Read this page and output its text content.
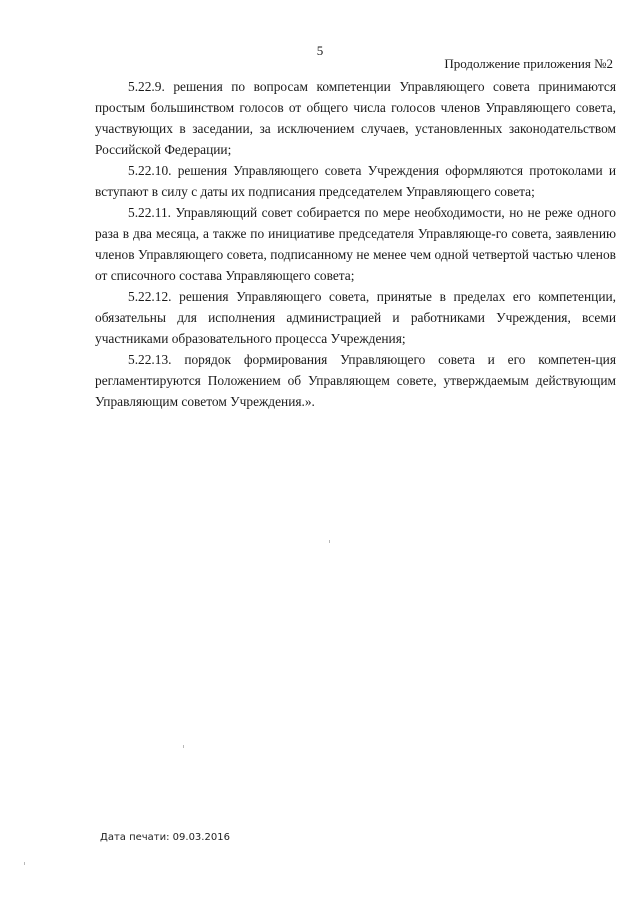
5
Продолжение приложения №2

5.22.9. решения по вопросам компетенции Управляющего совета принимаются простым большинством голосов от общего числа голосов членов Управляющего совета, участвующих в заседании, за исключением случаев, установленных законодательством Российской Федерации;

5.22.10. решения Управляющего совета Учреждения оформляются протоколами и вступают в силу с даты их подписания председателем Управляющего совета;

5.22.11. Управляющий совет собирается по мере необходимости, но не реже одного раза в два месяца, а также по инициативе председателя Управляюще-го совета, заявлению членов Управляющего совета, подписанному не менее чем одной четвертой частью членов от списочного состава Управляющего совета;

5.22.12. решения Управляющего совета, принятые в пределах его компетенции, обязательны для исполнения администрацией и работниками Учреждения, всеми участниками образовательного процесса Учреждения;

5.22.13. порядок формирования Управляющего совета и его компетен-ция регламентируются Положением об Управляющем совете, утверждаемым действующим Управляющим советом Учреждения.».

Дата печати: 09.03.2016
